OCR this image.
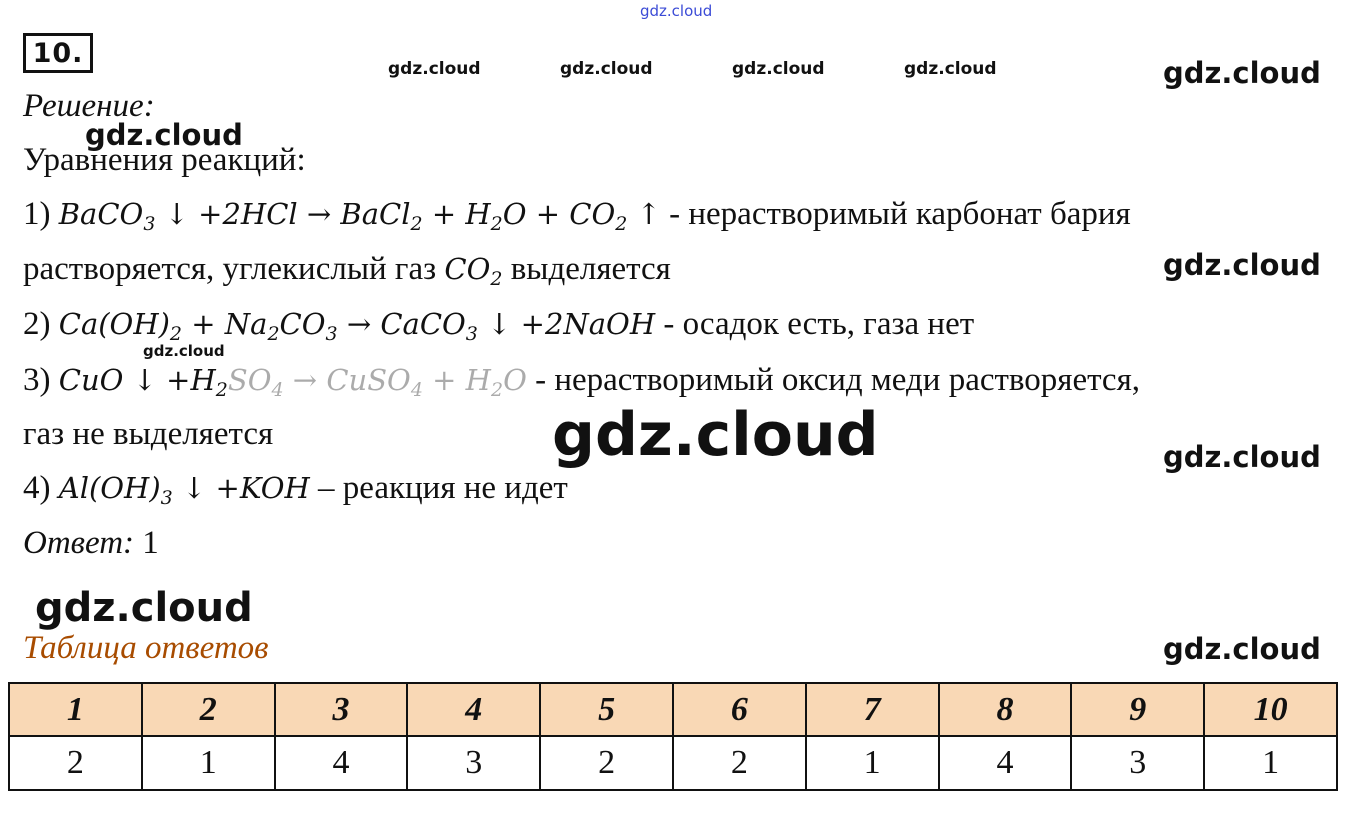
gdz.cloud
gdz.cloud	gdz.cloud	gdz.cloud	gdz.cloud
gdz.cloud
gdz.cloud
gdz.cloud
gdz.cloud
gdz.cloud
gdz.cloud
gdz.cloud
10.
Решение:
Уравнения реакций:
1) BaCO$_3$ ↓ +2HCl → BaCl$_2$ + $H_2O + CO_2$ ↑ - нерастворимый карбонат бария
растворяется, углекислый газ $CO_2$ выделяется
2) $Ca(OH)_2 + Na_2CO_3$ → CaCO$_3$ ↓ +2NaOH - осадок есть, газа нет
3) CuO ↓ $+H_2SO_4$ → CuSO$_4$ + $H_2O$ - нерастворимый оксид меди растворяется,
газ не выделяется	gdz.cloud
4) $Al(OH)_3$ ↓ +KOH – реакция не идет
Ответ: 1
Таблица ответов
1	2	3	4	5	6	7	8	9	10
2	1	4	3	2	2	1	4	3	1
